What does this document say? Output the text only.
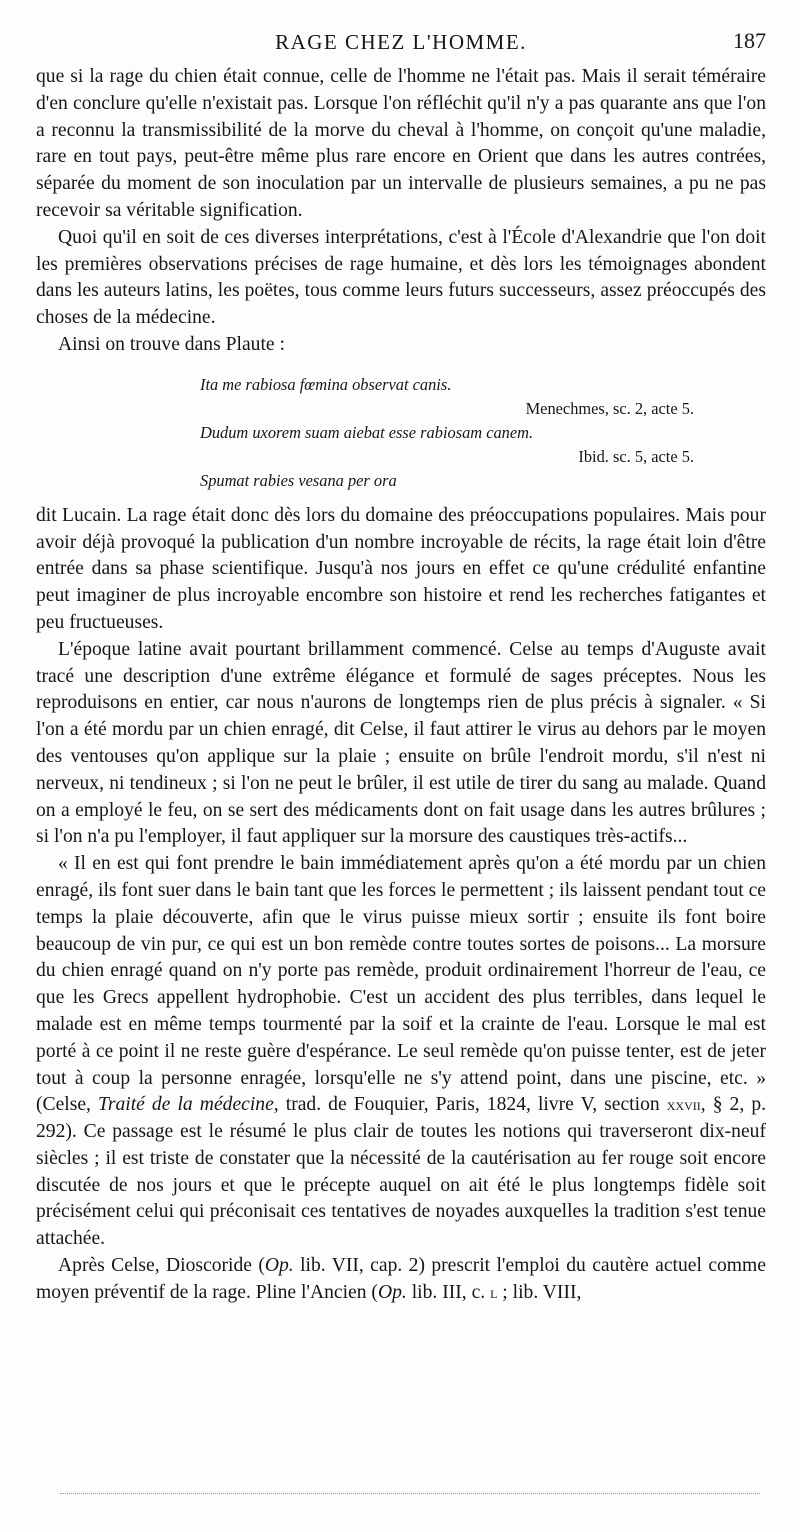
RAGE CHEZ L'HOMME.	187

que si la rage du chien était connue, celle de l'homme ne l'était pas. Mais il serait téméraire d'en conclure qu'elle n'existait pas. Lorsque l'on réfléchit qu'il n'y a pas quarante ans que l'on a reconnu la transmissibilité de la morve du cheval à l'homme, on conçoit qu'une maladie, rare en tout pays, peut-être même plus rare encore en Orient que dans les autres contrées, séparée du moment de son inoculation par un intervalle de plusieurs semaines, a pu ne pas recevoir sa véritable signification.

Quoi qu'il en soit de ces diverses interprétations, c'est à l'École d'Alexandrie que l'on doit les premières observations précises de rage humaine, et dès lors les témoignages abondent dans les auteurs latins, les poëtes, tous comme leurs futurs successeurs, assez préoccupés des choses de la médecine.

Ainsi on trouve dans Plaute :

Ita me rabiosa fœmina observat canis.

Menechmes, sc. 2, acte 5.

Dudum uxorem suam aiebat esse rabiosam canem.

Ibid. sc. 5, acte 5.

Spumat rabies vesana per ora

dit Lucain. La rage était donc dès lors du domaine des préoccupations populaires. Mais pour avoir déjà provoqué la publication d'un nombre incroyable de récits, la rage était loin d'être entrée dans sa phase scientifique. Jusqu'à nos jours en effet ce qu'une crédulité enfantine peut imaginer de plus incroyable encombre son histoire et rend les recherches fatigantes et peu fructueuses.

L'époque latine avait pourtant brillamment commencé. Celse au temps d'Auguste avait tracé une description d'une extrême élégance et formulé de sages préceptes. Nous les reproduisons en entier, car nous n'aurons de longtemps rien de plus précis à signaler. « Si l'on a été mordu par un chien enragé, dit Celse, il faut attirer le virus au dehors par le moyen des ventouses qu'on applique sur la plaie ; ensuite on brûle l'endroit mordu, s'il n'est ni nerveux, ni tendineux ; si l'on ne peut le brûler, il est utile de tirer du sang au malade. Quand on a employé le feu, on se sert des médicaments dont on fait usage dans les autres brûlures ; si l'on n'a pu l'employer, il faut appliquer sur la morsure des caustiques très-actifs...

« Il en est qui font prendre le bain immédiatement après qu'on a été mordu par un chien enragé, ils font suer dans le bain tant que les forces le permettent ; ils laissent pendant tout ce temps la plaie découverte, afin que le virus puisse mieux sortir ; ensuite ils font boire beaucoup de vin pur, ce qui est un bon remède contre toutes sortes de poisons... La morsure du chien enragé quand on n'y porte pas remède, produit ordinairement l'horreur de l'eau, ce que les Grecs appellent hydrophobie. C'est un accident des plus terribles, dans lequel le malade est en même temps tourmenté par la soif et la crainte de l'eau. Lorsque le mal est porté à ce point il ne reste guère d'espérance. Le seul remède qu'on puisse tenter, est de jeter tout à coup la personne enragée, lorsqu'elle ne s'y attend point, dans une piscine, etc. » (Celse, Traité de la médecine, trad. de Fouquier, Paris, 1824, livre V, section xxvii, § 2, p. 292). Ce passage est le résumé le plus clair de toutes les notions qui traverseront dix-neuf siècles ; il est triste de constater que la nécessité de la cautérisation au fer rouge soit encore discutée de nos jours et que le précepte auquel on ait été le plus longtemps fidèle soit précisément celui qui préconisait ces tentatives de noyades auxquelles la tradition s'est tenue attachée.

Après Celse, Dioscoride (Op. lib. VII, cap. 2) prescrit l'emploi du cautère actuel comme moyen préventif de la rage. Pline l'Ancien (Op. lib. III, c. l ; lib. VIII,
